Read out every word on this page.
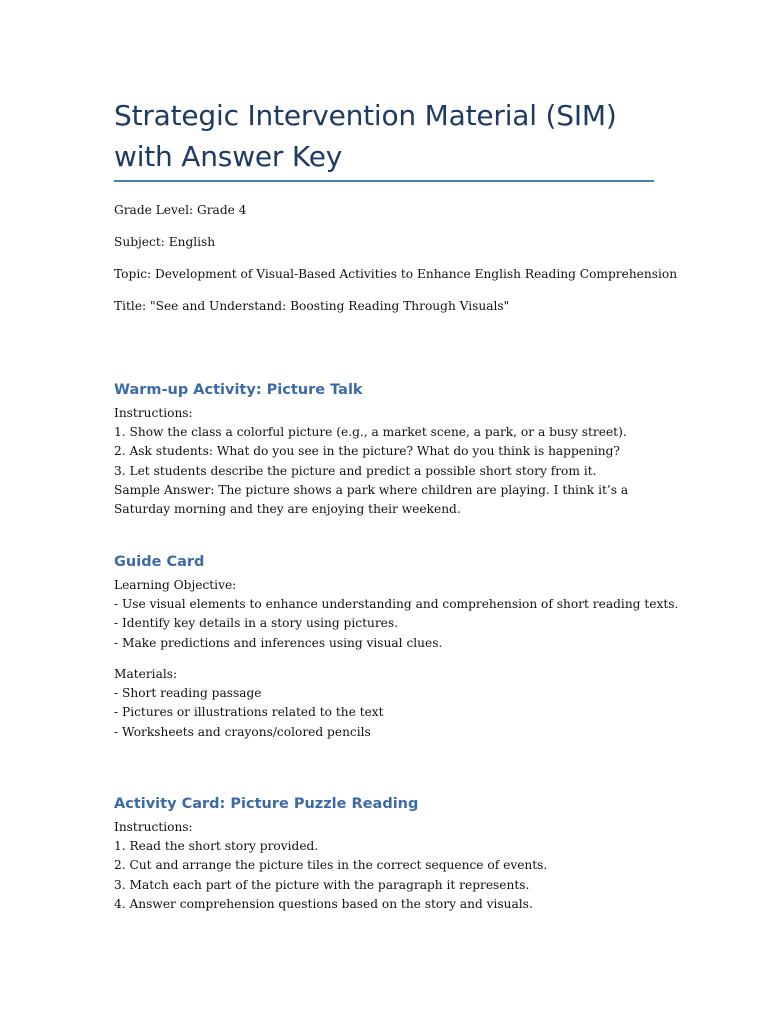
Strategic Intervention Material (SIM) with Answer Key
Grade Level: Grade 4
Subject: English
Topic: Development of Visual-Based Activities to Enhance English Reading Comprehension
Title: "See and Understand: Boosting Reading Through Visuals"
Warm-up Activity: Picture Talk
Instructions:
1. Show the class a colorful picture (e.g., a market scene, a park, or a busy street).
2. Ask students: What do you see in the picture? What do you think is happening?
3. Let students describe the picture and predict a possible short story from it.
Sample Answer: The picture shows a park where children are playing. I think it’s a Saturday morning and they are enjoying their weekend.
Guide Card
Learning Objective:
- Use visual elements to enhance understanding and comprehension of short reading texts.
- Identify key details in a story using pictures.
- Make predictions and inferences using visual clues.
Materials:
- Short reading passage
- Pictures or illustrations related to the text
- Worksheets and crayons/colored pencils
Activity Card: Picture Puzzle Reading
Instructions:
1. Read the short story provided.
2. Cut and arrange the picture tiles in the correct sequence of events.
3. Match each part of the picture with the paragraph it represents.
4. Answer comprehension questions based on the story and visuals.
